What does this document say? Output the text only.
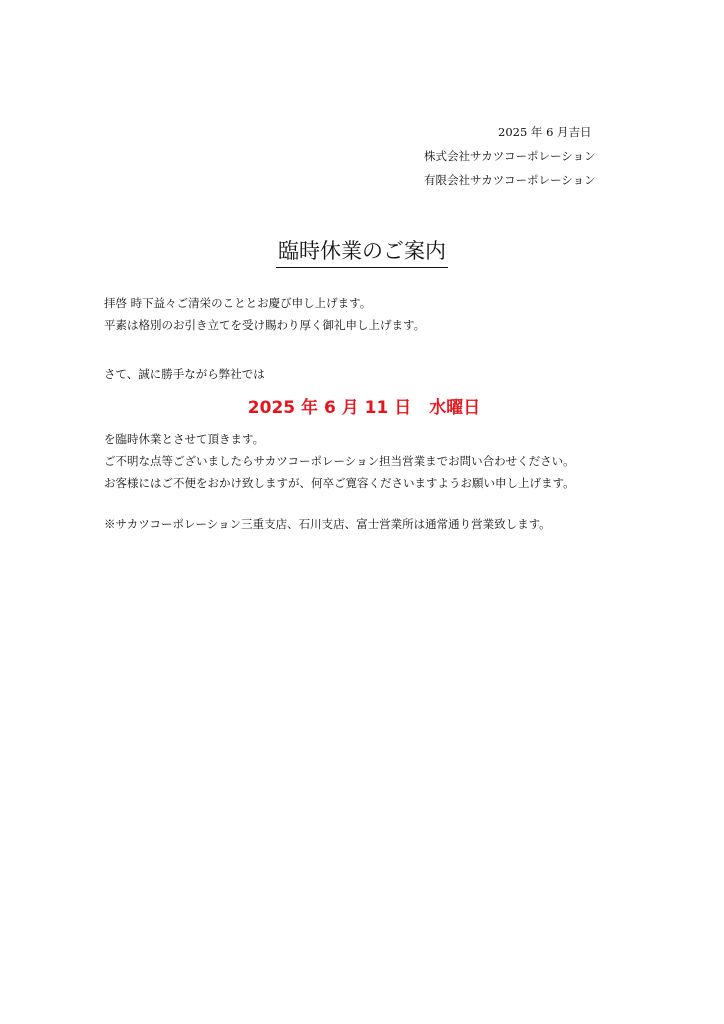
2025 年 6 月吉日
株式会社サカツコーポレーション
有限会社サカツコーポレーション
臨時休業のご案内
拝啓 時下益々ご清栄のこととお慶び申し上げます。
平素は格別のお引き立てを受け賜わり厚く御礼申し上げます。
さて、誠に勝手ながら弊社では
2025 年 6 月 11 日 水曜日
を臨時休業とさせて頂きます。
ご不明な点等ございましたらサカツコーポレーション担当営業までお問い合わせください。
お客様にはご不便をおかけ致しますが、何卒ご寛容くださいますようお願い申し上げます。
※サカツコーポレーション三重支店、石川支店、富士営業所は通常通り営業致します。
